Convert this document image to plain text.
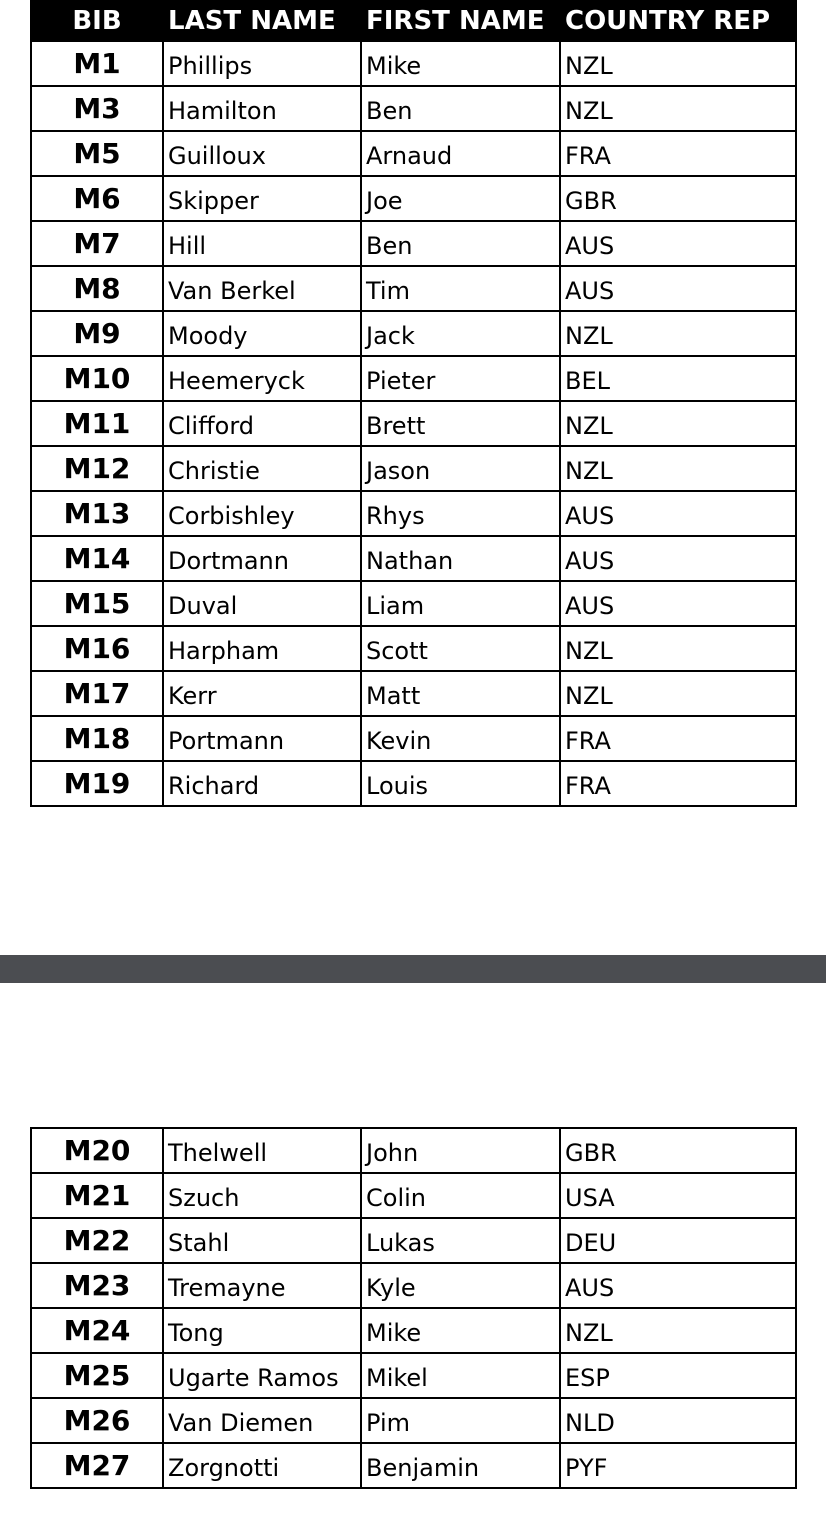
BIB	LAST NAME	FIRST NAME	COUNTRY REP
M1	Phillips	Mike	NZL
M3	Hamilton	Ben	NZL
M5	Guilloux	Arnaud	FRA
M6	Skipper	Joe	GBR
M7	Hill	Ben	AUS
M8	Van Berkel	Tim	AUS
M9	Moody	Jack	NZL
M10	Heemeryck	Pieter	BEL
M11	Clifford	Brett	NZL
M12	Christie	Jason	NZL
M13	Corbishley	Rhys	AUS
M14	Dortmann	Nathan	AUS
M15	Duval	Liam	AUS
M16	Harpham	Scott	NZL
M17	Kerr	Matt	NZL
M18	Portmann	Kevin	FRA
M19	Richard	Louis	FRA
M20	Thelwell	John	GBR
M21	Szuch	Colin	USA
M22	Stahl	Lukas	DEU
M23	Tremayne	Kyle	AUS
M24	Tong	Mike	NZL
M25	Ugarte Ramos	Mikel	ESP
M26	Van Diemen	Pim	NLD
M27	Zorgnotti	Benjamin	PYF
